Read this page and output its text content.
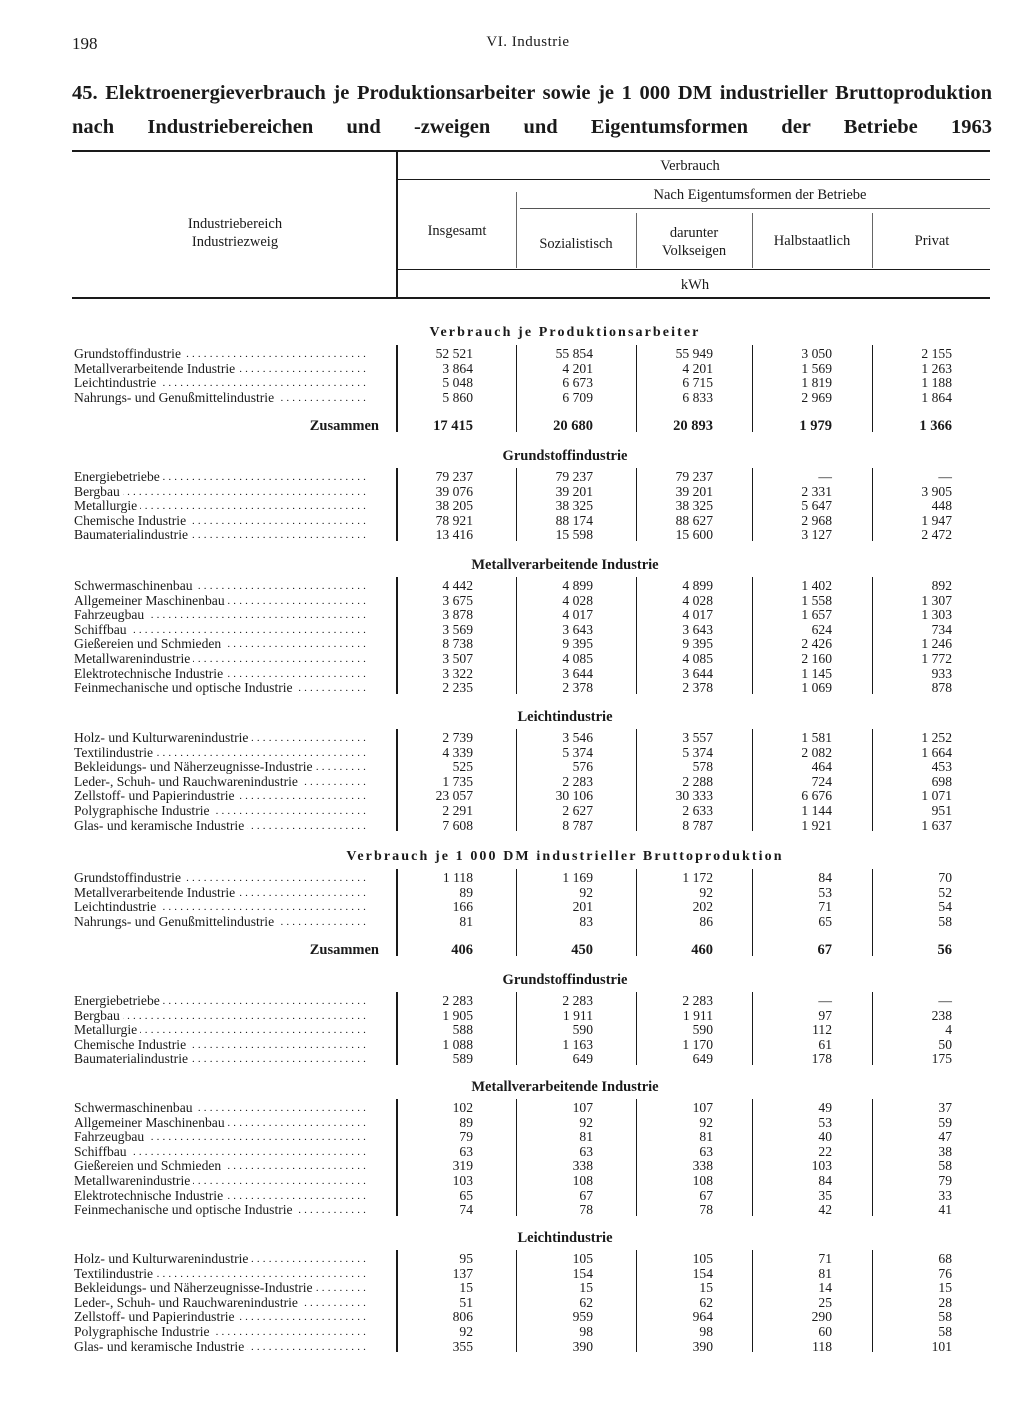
198	VI. Industrie
45. Elektroenergieverbrauch je Produktionsarbeiter sowie je 1 000 DM industrieller Bruttoproduktion nach Industriebereichen und -zweigen und Eigentumsformen der Betriebe 1963
Industriebereich
Industriezweig
Verbrauch
Insgesamt
Nach Eigentumsformen der Betriebe
Sozialistisch
darunter
Volkseigen
Halbstaatlich	Privat
kWh
Verbrauch je Produktionsarbeiter
Grundstoffindustrie . . .	52 521	55 854	55 949	3 050	2 155
Metallverarbeitende Industrie . . .	3 864	4 201	4 201	1 569	1 263
Leichtindustrie . . .	5 048	6 673	6 715	1 819	1 188
Nahrungs- und Genußmittelindustrie . . .	5 860	6 709	6 833	2 969	1 864
Zusammen	17 415	20 680	20 893	1 979	1 366
Grundstoffindustrie
Energiebetriebe . . .	79 237	79 237	79 237	—	—
Bergbau . . .	39 076	39 201	39 201	2 331	3 905
Metallurgie . . .	38 205	38 325	38 325	5 647	448
Chemische Industrie . . .	78 921	88 174	88 627	2 968	1 947
Baumaterialindustrie . . .	13 416	15 598	15 600	3 127	2 472
Metallverarbeitende Industrie
Schwermaschinenbau . . .	4 442	4 899	4 899	1 402	892
Allgemeiner Maschinenbau . . .	3 675	4 028	4 028	1 558	1 307
Fahrzeugbau . . .	3 878	4 017	4 017	1 657	1 303
Schiffbau . . .	3 569	3 643	3 643	624	734
Gießereien und Schmieden . . .	8 738	9 395	9 395	2 426	1 246
Metallwarenindustrie . . .	3 507	4 085	4 085	2 160	1 772
Elektrotechnische Industrie . . .	3 322	3 644	3 644	1 145	933
Feinmechanische und optische Industrie . . .	2 235	2 378	2 378	1 069	878
Leichtindustrie
Holz- und Kulturwarenindustrie . . .	2 739	3 546	3 557	1 581	1 252
Textilindustrie . . .	4 339	5 374	5 374	2 082	1 664
Bekleidungs- und Näherzeugnisse-Industrie . . .	525	576	578	464	453
Leder-, Schuh- und Rauchwarenindustrie . . .	1 735	2 283	2 288	724	698
Zellstoff- und Papierindustrie . . .	23 057	30 106	30 333	6 676	1 071
Polygraphische Industrie . . .	2 291	2 627	2 633	1 144	951
Glas- und keramische Industrie . . .	7 608	8 787	8 787	1 921	1 637
Verbrauch je 1 000 DM industrieller Bruttoproduktion
Grundstoffindustrie . . .	1 118	1 169	1 172	84	70
Metallverarbeitende Industrie . . .	89	92	92	53	52
Leichtindustrie . . .	166	201	202	71	54
Nahrungs- und Genußmittelindustrie . . .	81	83	86	65	58
Zusammen	406	450	460	67	56
Grundstoffindustrie
Energiebetriebe . . .	2 283	2 283	2 283	—	—
Bergbau . . .	1 905	1 911	1 911	97	238
Metallurgie . . .	588	590	590	112	4
Chemische Industrie . . .	1 088	1 163	1 170	61	50
Baumaterialindustrie . . .	589	649	649	178	175
Metallverarbeitende Industrie
Schwermaschinenbau . . .	102	107	107	49	37
Allgemeiner Maschinenbau . . .	89	92	92	53	59
Fahrzeugbau . . .	79	81	81	40	47
Schiffbau . . .	63	63	63	22	38
Gießereien und Schmieden . . .	319	338	338	103	58
Metallwarenindustrie . . .	103	108	108	84	79
Elektrotechnische Industrie . . .	65	67	67	35	33
Feinmechanische und optische Industrie . . .	74	78	78	42	41
Leichtindustrie
Holz- und Kulturwarenindustrie . . .	95	105	105	71	68
Textilindustrie . . .	137	154	154	81	76
Bekleidungs- und Näherzeugnisse-Industrie . . .	15	15	15	14	15
Leder-, Schuh- und Rauchwarenindustrie . . .	51	62	62	25	28
Zellstoff- und Papierindustrie . . .	806	959	964	290	58
Polygraphische Industrie . . .	92	98	98	60	58
Glas- und keramische Industrie . . .	355	390	390	118	101
